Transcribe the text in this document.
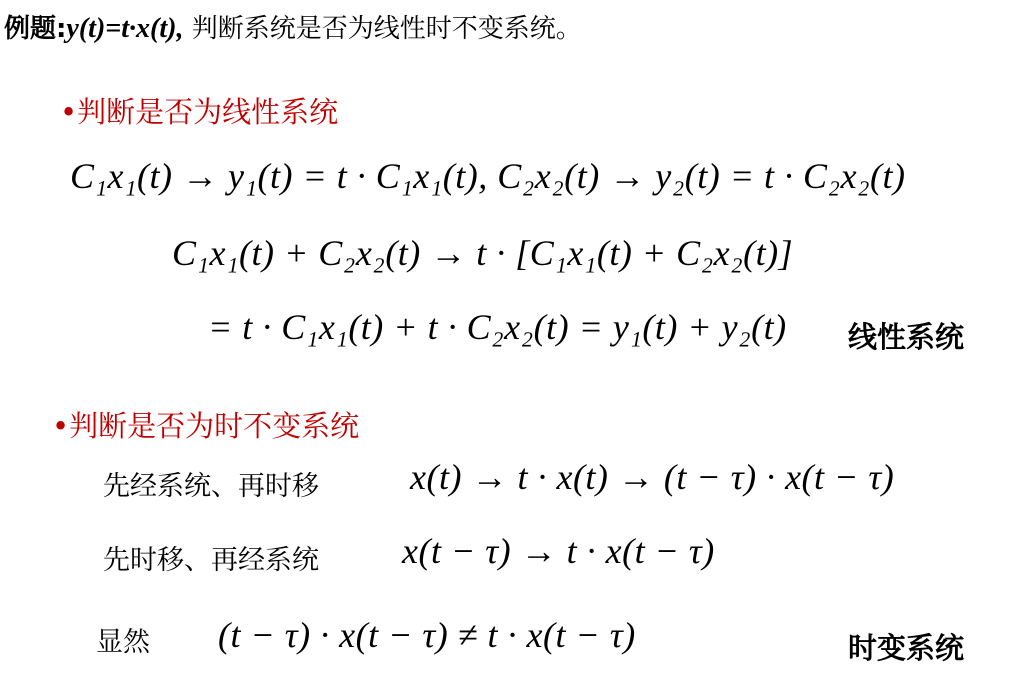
例题:y(t)=t·x(t), 判断系统是否为线性时不变系统。
•判断是否为线性系统
C₁x₁(t) → y₁(t) = t · C₁x₁(t), C₂x₂(t) → y₂(t) = t · C₂x₂(t)
C₁x₁(t) + C₂x₂(t) → t · [C₁x₁(t) + C₂x₂(t)]
= t · C₁x₁(t) + t · C₂x₂(t) = y₁(t) + y₂(t) 线性系统
•判断是否为时不变系统
先经系统、再时移	x(t) → t · x(t) → (t − τ) · x(t − τ)
先时移、再经系统 x(t − τ) → t · x(t − τ)
显然 (t − τ) · x(t − τ) ≠ t · x(t − τ)	时变系统
